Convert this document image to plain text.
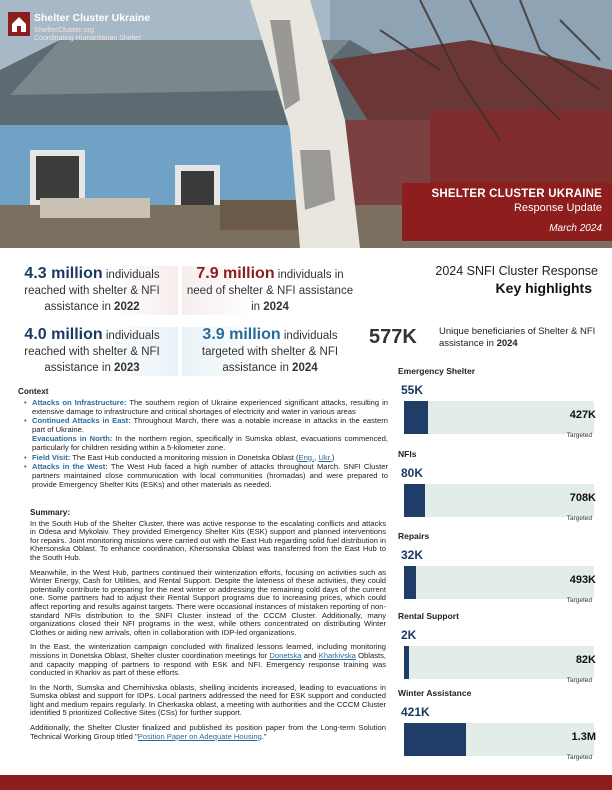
Shelter Cluster Ukraine
ShelterCluster.org
Coordinating Humanitarian Shelter
SHELTER CLUSTER UKRAINE
Response Update
March 2024
4.3 million individuals reached with shelter & NFI assistance in 2022
7.9 million individuals in need of shelter & NFI assistance in 2024
4.0 million individuals reached with shelter & NFI assistance in 2023
3.9 million individuals targeted with shelter & NFI assistance in 2024
Context
• Attacks on Infrastructure: The southern region of Ukraine experienced significant attacks, resulting in extensive damage to infrastructure and critical shortages of electricity and water in various areas
• Continued Attacks in East: Throughout March, there was a notable increase in attacks in the eastern part of Ukraine.
Evacuations in North: In the northern region, specifically in Sumska oblast, evacuations commenced, particularly for children residing within a 5-kilometer zone.
• Field Visit: The East Hub conducted a monitoring mission in Donetska Oblast (Eng., Ukr.)
• Attacks in the West: The West Hub faced a high number of attacks throughout March. SNFI Cluster partners maintained close communication with local communities (hromadas) and were prepared to provide Emergency Shelter Kits (ESKs) and other materials as needed.
Summary:

In the South Hub of the Shelter Cluster, there was active response to the escalating conflicts and attacks in Odesa and Mykolaiv. They provided Emergency Shelter Kits (ESK) support and planned interventions for repairs. Joint monitoring missions were carried out with the East Hub regarding solid fuel distribution in Khersonska Oblast. To enhance coordination, Khersonska Oblast was transferred from the East Hub to the South Hub.

Meanwhile, in the West Hub, partners continued their winterization efforts, focusing on activities such as Winter Energy, Cash for Utilities, and Rental Support. Despite the lateness of these activities, they could potentially contribute to preparing for the next winter or addressing the remaining cold days of the current one. Some partners had to adjust their Rental Support programs due to increasing prices, which could affect reporting and results against targets. There were occasional instances of mistaken reporting of non-standard NFIs distribution to the SNFI Cluster instead of the CCCM Cluster. Additionally, many organizations closed their NFI programs in the west, while others concentrated on distributing Winter Clothes or aiding new arrivals, often in collaboration with IDP-led organizations.

In the East, the winterization campaign concluded with finalized lessons learned, including monitoring missions in Donetska Oblast, Shelter cluster coordination meetings for Donetska and Kharkivska Oblasts, and capacity mapping of partners to respond with ESK and NFI. Emergency response training was conducted in Kharkiv as part of these efforts.

In the North, Sumska and Chernihivska oblasts, shelling incidents increased, leading to evacuations in Sumska oblast and support for IDPs. Local partners addressed the need for ESK support and conducted light and medium repairs regularly. In Cherkaska oblast, a meeting with authorities and the CCCM Cluster identified 5 prioritized Collective Sites (CSs) for further support.

Additionally, the Shelter Cluster finalized and published its position paper from the Long-term Solution Technical Working Group titled "Position Paper on Adequate Housing."

2024 SNFI Cluster Response
Key highlights
577K Unique beneficiaries of Shelter & NFI assistance in 2024
Emergency Shelter
55K
427K
Targeted
NFIs
80K
708K
Targeted
Repairs
32K
493K
Targeted
Rental Support
2K
82K
Targeted
Winter Assistance
421K
1.3M
Targeted
